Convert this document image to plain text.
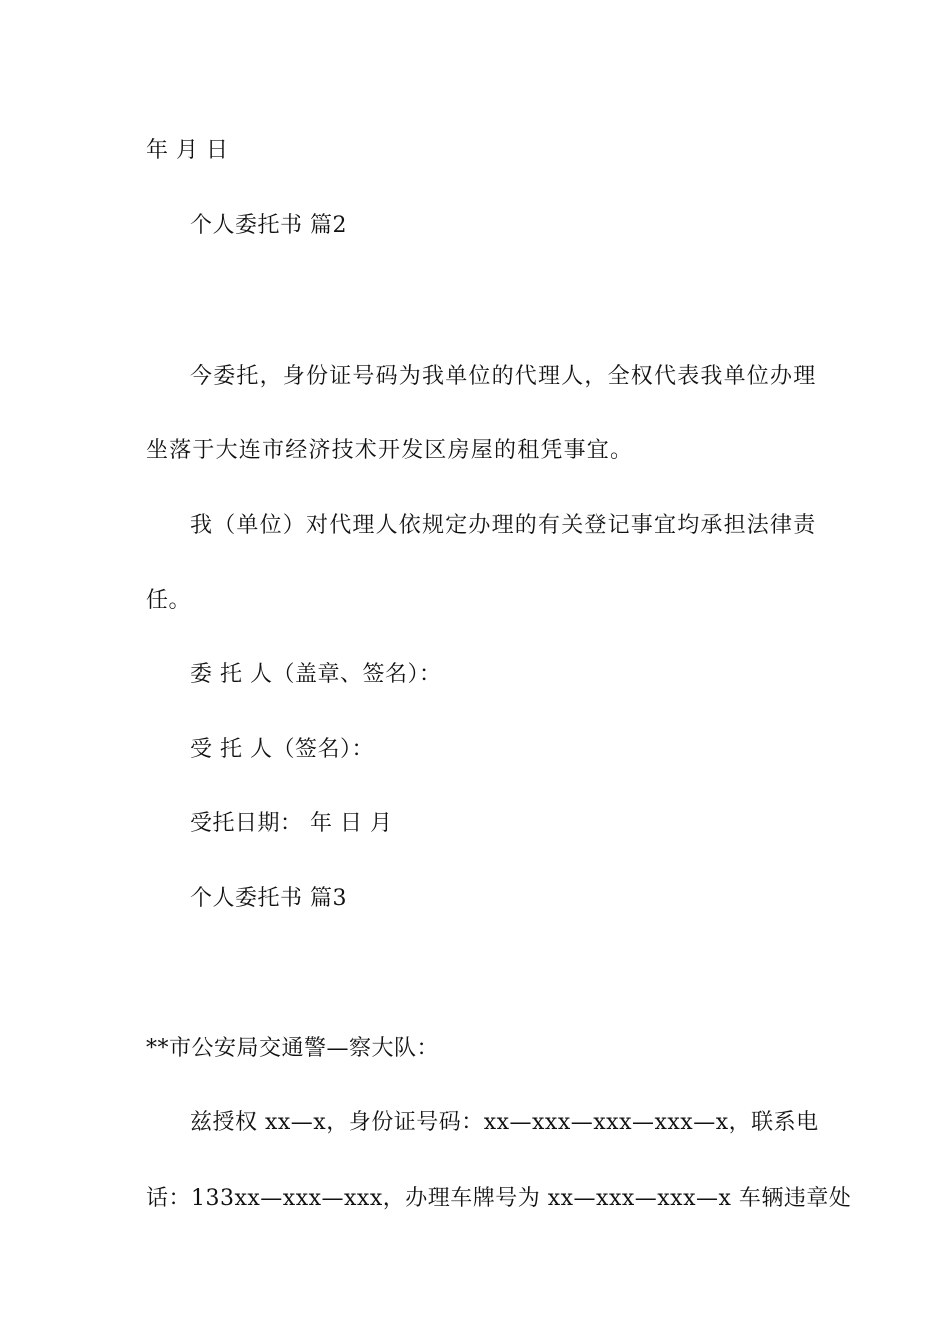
年 月 日
个人委托书 篇2
今委托，身份证号码为我单位的代理人，全权代表我单位办理
坐落于大连市经济技术开发区房屋的租凭事宜。
我（单位）对代理人依规定办理的有关登记事宜均承担法律责
任。
委 托 人（盖章、签名）：
受 托 人（签名）：
受托日期： 年 日 月
个人委托书 篇3
**市公安局交通警—察大队：
兹授权 xx—x，身份证号码：xx—xxx—xxx—xxx—x，联系电
话：133xx—xxx—xxx，办理车牌号为 xx—xxx—xxx—x 车辆违章处
